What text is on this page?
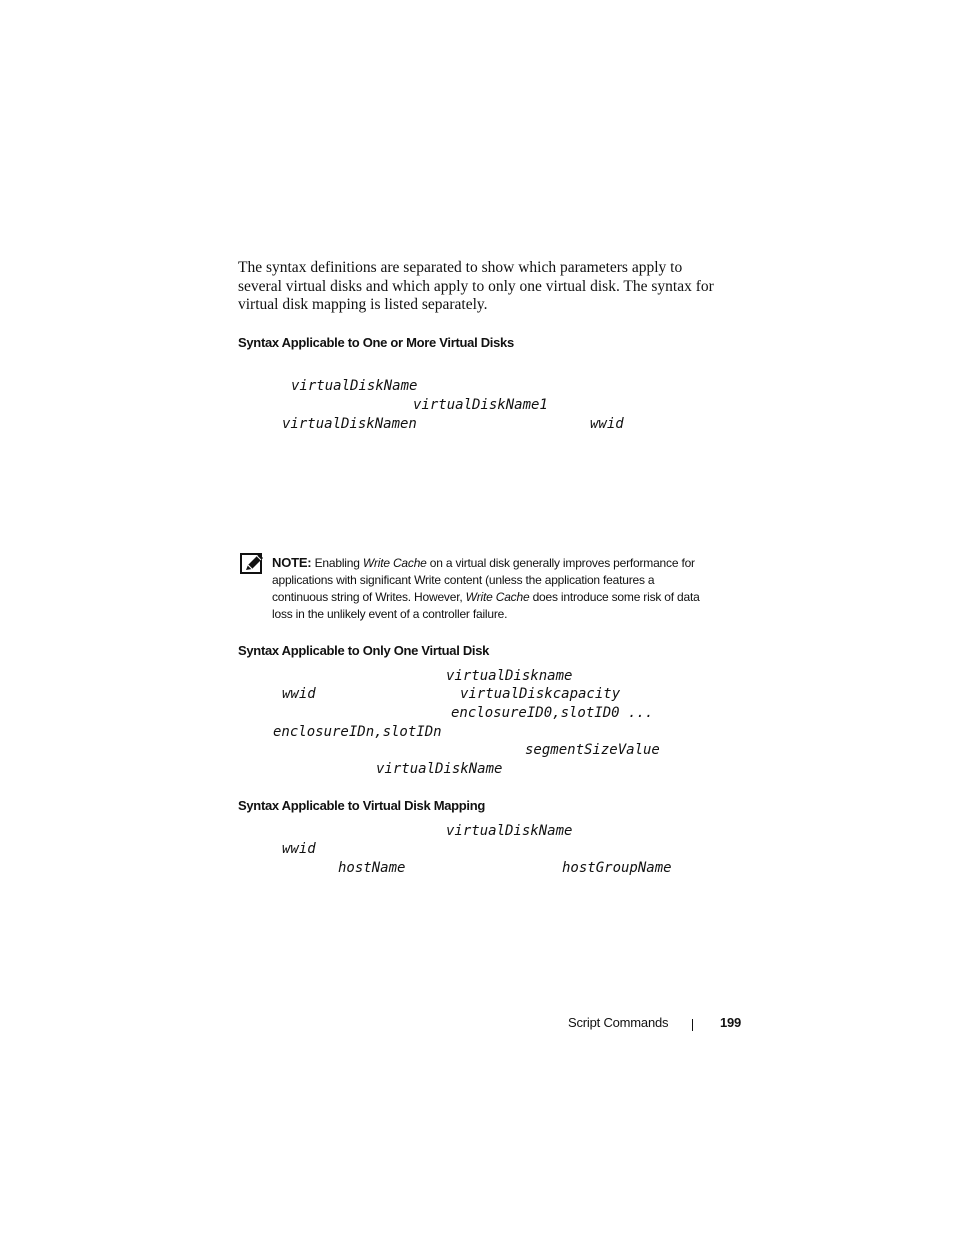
The syntax definitions are separated to show which parameters apply to
several virtual disks and which apply to only one virtual disk. The syntax for
virtual disk mapping is listed separately.
Syntax Applicable to One or More Virtual Disks
virtualDiskName
virtualDiskName1
virtualDiskNamen	wwid
NOTE: Enabling Write Cache on a virtual disk generally improves performance for
applications with significant Write content (unless the application features a
continuous string of Writes. However, Write Cache does introduce some risk of data
loss in the unlikely event of a controller failure.
Syntax Applicable to Only One Virtual Disk
virtualDiskname
wwid	virtualDiskcapacity
enclosureID0,slotID0 ...
enclosureIDn,slotIDn
segmentSizeValue
virtualDiskName
Syntax Applicable to Virtual Disk Mapping
virtualDiskName
wwid
hostName	hostGroupName
Script Commands	199
